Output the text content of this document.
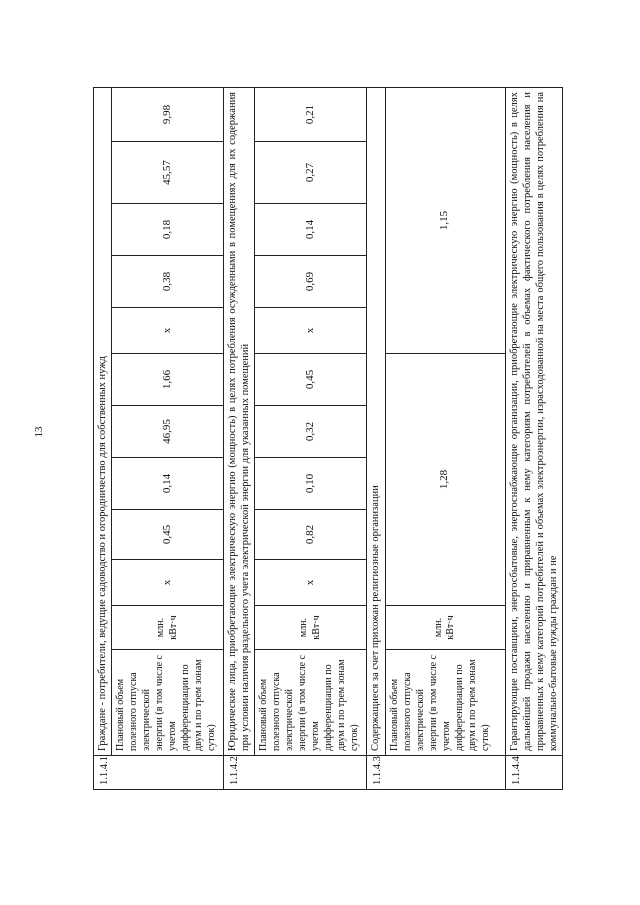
13
1.1.4.1	Граждане - потребители, ведущие садоводство и огородничество для собственных нужд											
	Плановый объем полезного отпуска электрической энергии (в том числе с учетом дифференциации по двум и по трем зонам суток)	млн. кВт·ч	x	0,45	0,14	46,95	1,66	x	0,38	0,18	45,57	9,98
1.1.4.2	Юридические лица, приобретающие электрическую энергию (мощность) в целях потребления осужденными в помещениях для их содержания при условии наличия раздельного учета электрической энергии для указанных помещений											
	Плановый объем полезного отпуска электрической энергии (в том числе с учетом дифференциации по двум и по трем зонам суток)	млн. кВт·ч	x	0,82	0,10	0,32	0,45	x	0,69	0,14	0,27	0,21
1.1.4.3	Содержащиеся за счет прихожан религиозные организации											
	Плановый объем полезного отпуска электрической энергии (в том числе с учетом дифференциации по двум и по трем зонам суток)	млн. кВт·ч	1,28					1,15				
1.1.4.4	Гарантирующие поставщики, энергосбытовые, энергоснабжающие организации, приобретающие электрическую энергию (мощность) в целях дальнейшей продажи населению и приравненным к нему категориям потребителей в объемах фактического потребления населения и приравненных к нему категорий потребителей и объемах электроэнергии, израсходованной на места общего пользования в целях потребления на коммунально-бытовые нужды граждан и не											
